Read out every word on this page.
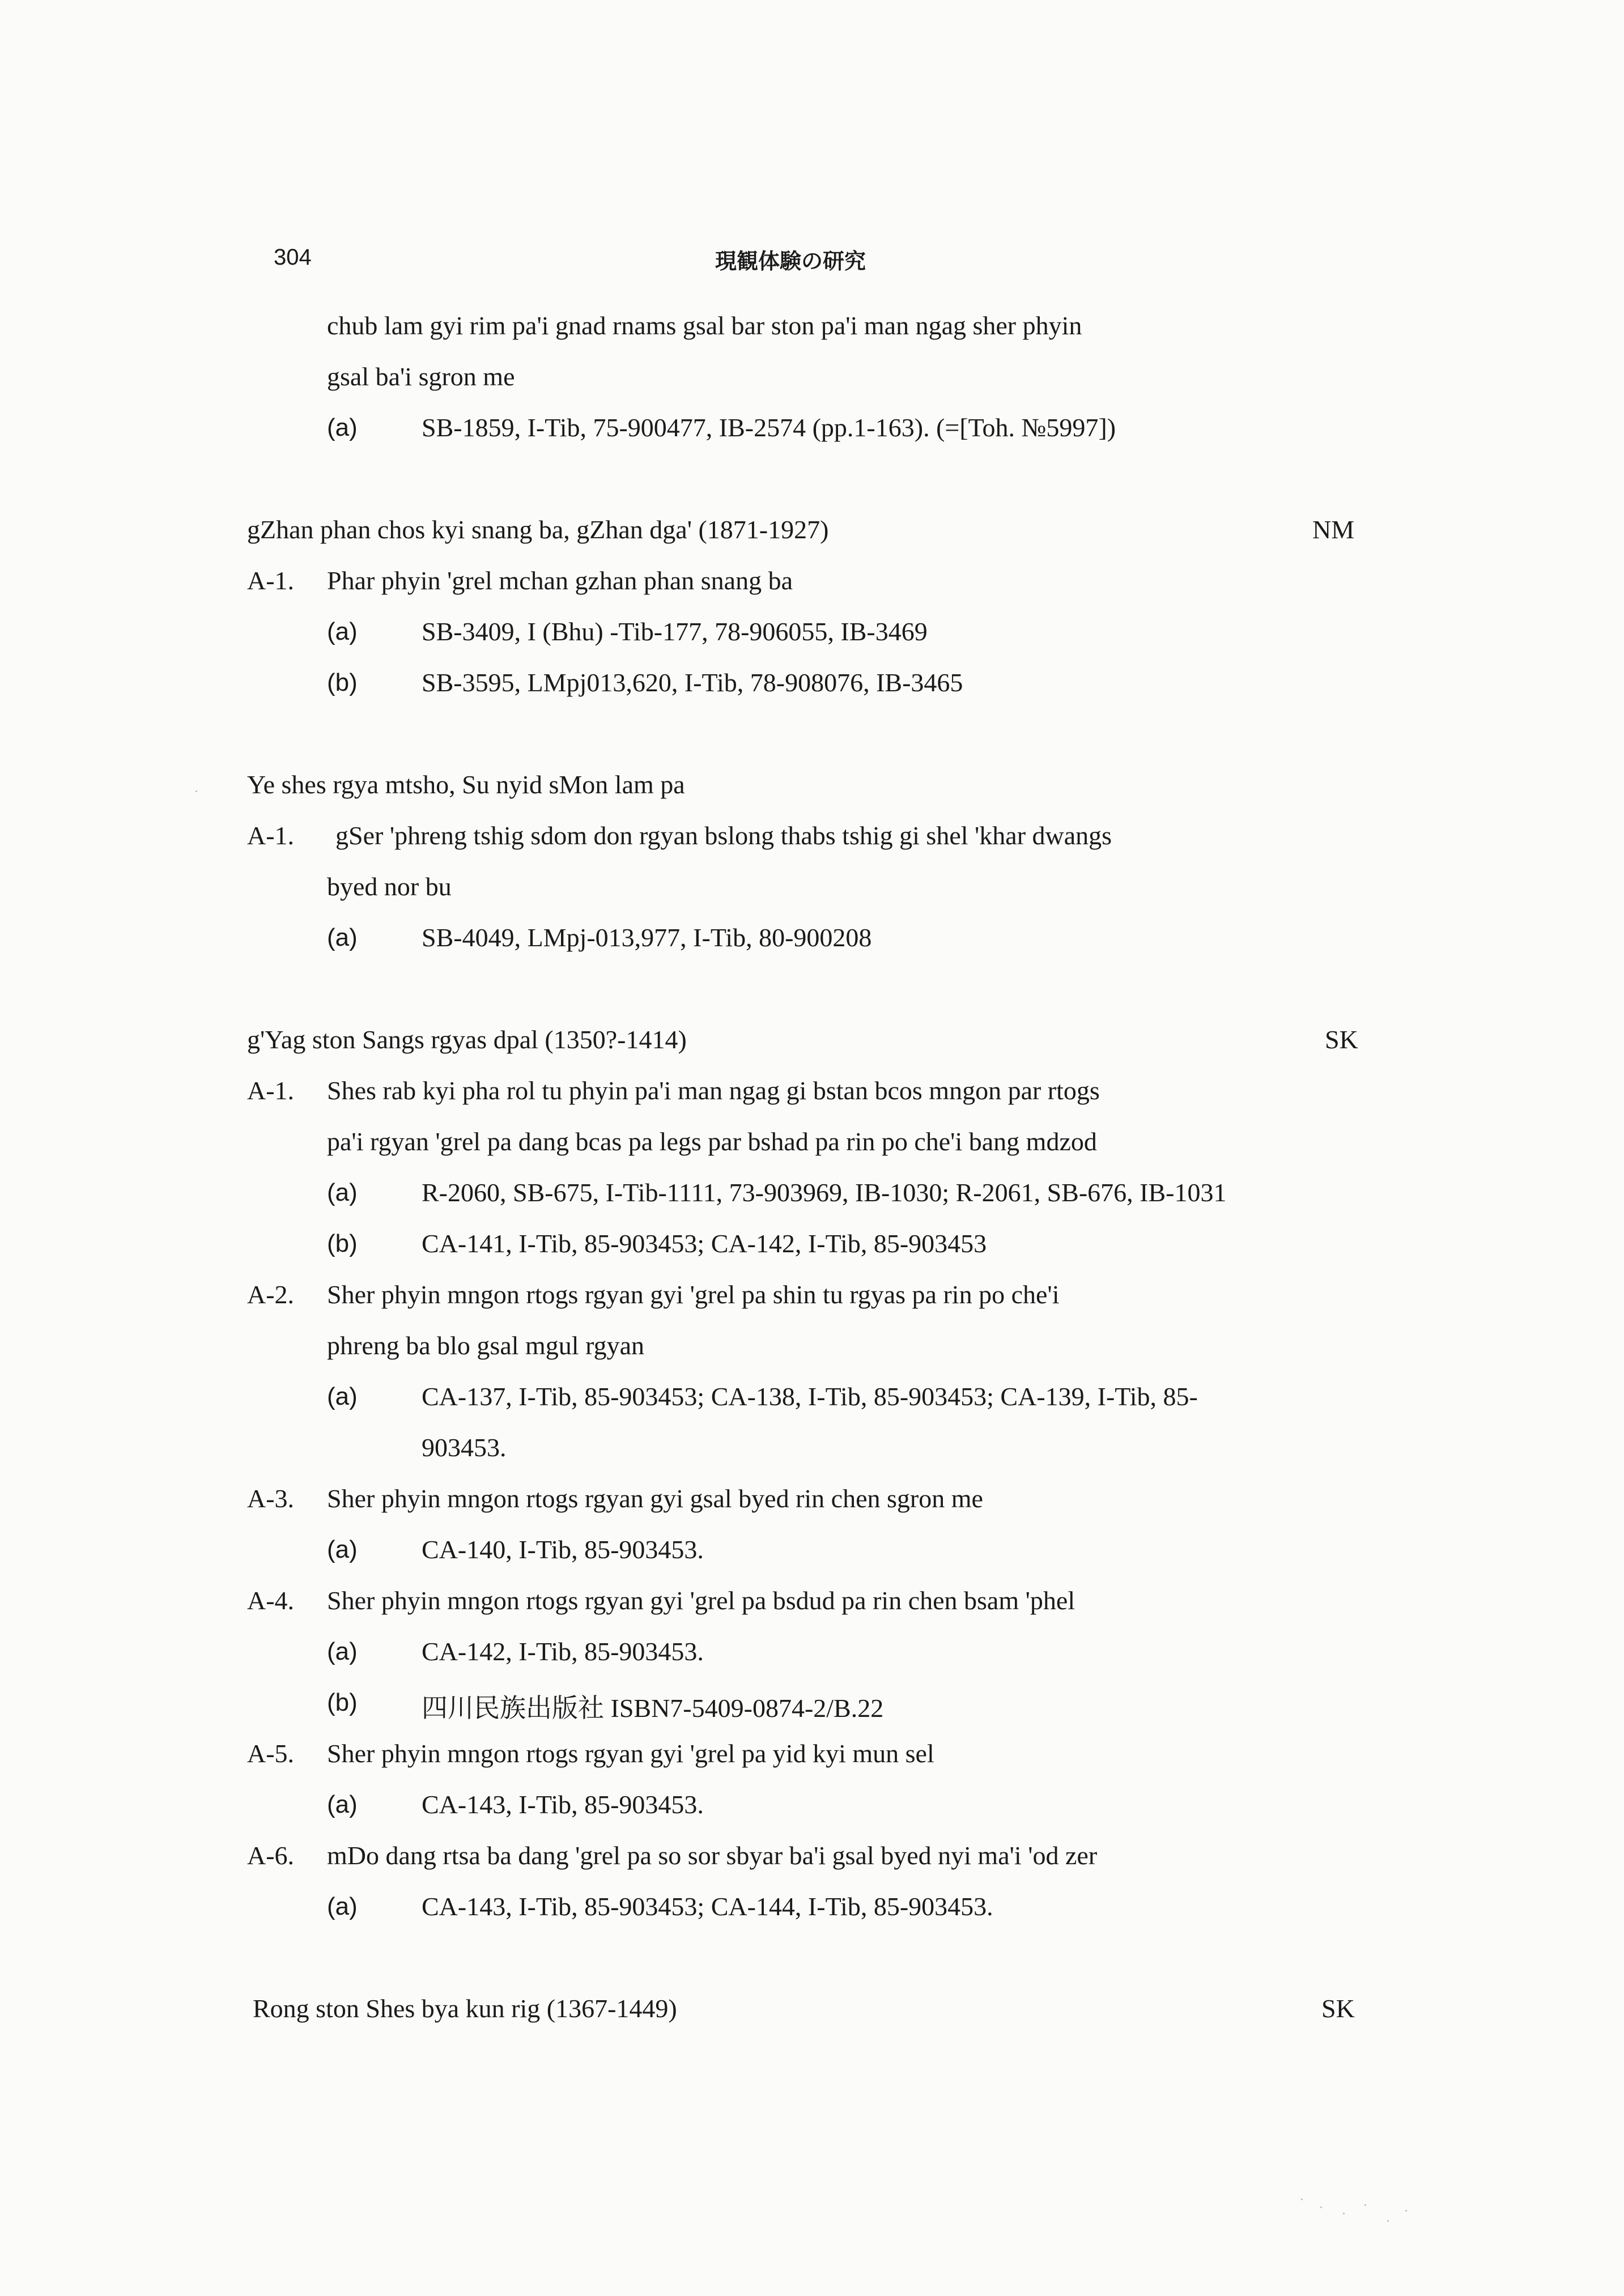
304	現観体験の研究
chub lam gyi rim pa'i gnad rnams gsal bar ston pa'i man ngag sher phyin
gsal ba'i sgron me
(a) SB-1859, I-Tib, 75-900477, IB-2574 (pp.1-163). (=[Toh. №5997])
gZhan phan chos kyi snang ba, gZhan dga' (1871-1927)	NM
A-1. Phar phyin 'grel mchan gzhan phan snang ba
(a) SB-3409, I (Bhu) -Tib-177, 78-906055, IB-3469
(b) SB-3595, LMpj013,620, I-Tib, 78-908076, IB-3465
Ye shes rgya mtsho, Su nyid sMon lam pa
A-1. gSer 'phreng tshig sdom don rgyan bslong thabs tshig gi shel 'khar dwangs
byed nor bu
(a) SB-4049, LMpj-013,977, I-Tib, 80-900208
g'Yag ston Sangs rgyas dpal (1350?-1414)	SK
A-1. Shes rab kyi pha rol tu phyin pa'i man ngag gi bstan bcos mngon par rtogs
pa'i rgyan 'grel pa dang bcas pa legs par bshad pa rin po che'i bang mdzod
(a) R-2060, SB-675, I-Tib-1111, 73-903969, IB-1030; R-2061, SB-676, IB-1031
(b) CA-141, I-Tib, 85-903453; CA-142, I-Tib, 85-903453
A-2. Sher phyin mngon rtogs rgyan gyi 'grel pa shin tu rgyas pa rin po che'i
phreng ba blo gsal mgul rgyan
(a) CA-137, I-Tib, 85-903453; CA-138, I-Tib, 85-903453; CA-139, I-Tib, 85-
903453.
A-3. Sher phyin mngon rtogs rgyan gyi gsal byed rin chen sgron me
(a) CA-140, I-Tib, 85-903453.
A-4. Sher phyin mngon rtogs rgyan gyi 'grel pa bsdud pa rin chen bsam 'phel
(a) CA-142, I-Tib, 85-903453.
(b) 四川民族出版社 ISBN7-5409-0874-2/B.22
A-5. Sher phyin mngon rtogs rgyan gyi 'grel pa yid kyi mun sel
(a) CA-143, I-Tib, 85-903453.
A-6. mDo dang rtsa ba dang 'grel pa so sor sbyar ba'i gsal byed nyi ma'i 'od zer
(a) CA-143, I-Tib, 85-903453; CA-144, I-Tib, 85-903453.
Rong ston Shes bya kun rig (1367-1449)	SK
